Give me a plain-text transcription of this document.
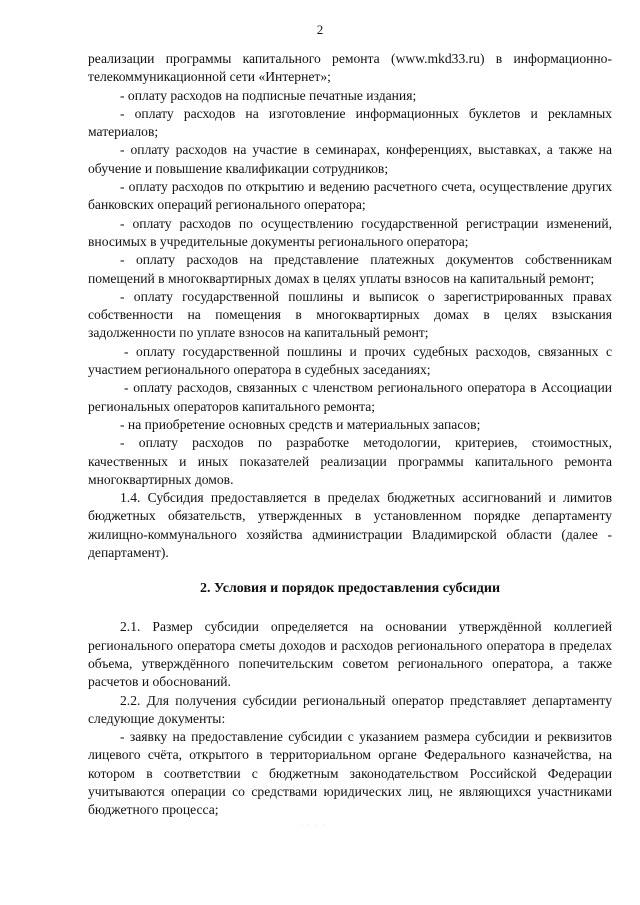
2

реализации программы капитального ремонта (www.mkd33.ru) в информационно-телекоммуникационной сети «Интернет»;

- оплату расходов на подписные печатные издания;

- оплату расходов на изготовление информационных буклетов и рекламных материалов;

- оплату расходов на участие в семинарах, конференциях, выставках, а также на обучение и повышение квалификации сотрудников;

- оплату расходов по открытию и ведению расчетного счета, осуществление других банковских операций регионального оператора;

- оплату расходов по осуществлению государственной регистрации изменений, вносимых в учредительные документы регионального оператора;

- оплату расходов на представление платежных документов собственникам помещений в многоквартирных домах в целях уплаты взносов на капитальный ремонт;

- оплату государственной пошлины и выписок о зарегистрированных правах собственности на помещения в многоквартирных домах в целях взыскания задолженности по уплате взносов на капитальный ремонт;

- оплату государственной пошлины и прочих судебных расходов, связанных с участием регионального оператора в судебных заседаниях;

- оплату расходов, связанных с членством регионального оператора в Ассоциации региональных операторов капитального ремонта;

- на приобретение основных средств и материальных запасов;

- оплату расходов по разработке методологии, критериев, стоимостных, качественных и иных показателей реализации программы капитального ремонта многоквартирных домов.

1.4. Субсидия предоставляется в пределах бюджетных ассигнований и лимитов бюджетных обязательств, утвержденных в установленном порядке департаменту жилищно-коммунального хозяйства администрации Владимирской области (далее - департамент).

2. Условия и порядок предоставления субсидии

2.1. Размер субсидии определяется на основании утверждённой коллегией регионального оператора сметы доходов и расходов регионального оператора в пределах объема, утверждённого попечительским советом регионального оператора, а также расчетов и обоснований.

2.2. Для получения субсидии региональный оператор представляет департаменту следующие документы:

- заявку на предоставление субсидии с указанием размера субсидии и реквизитов лицевого счёта, открытого в территориальном органе Федерального казначейства, на котором в соответствии с бюджетным законодательством Российской Федерации учитываются операции со средствами юридических лиц, не являющихся участниками бюджетного процесса;

· · · ·
